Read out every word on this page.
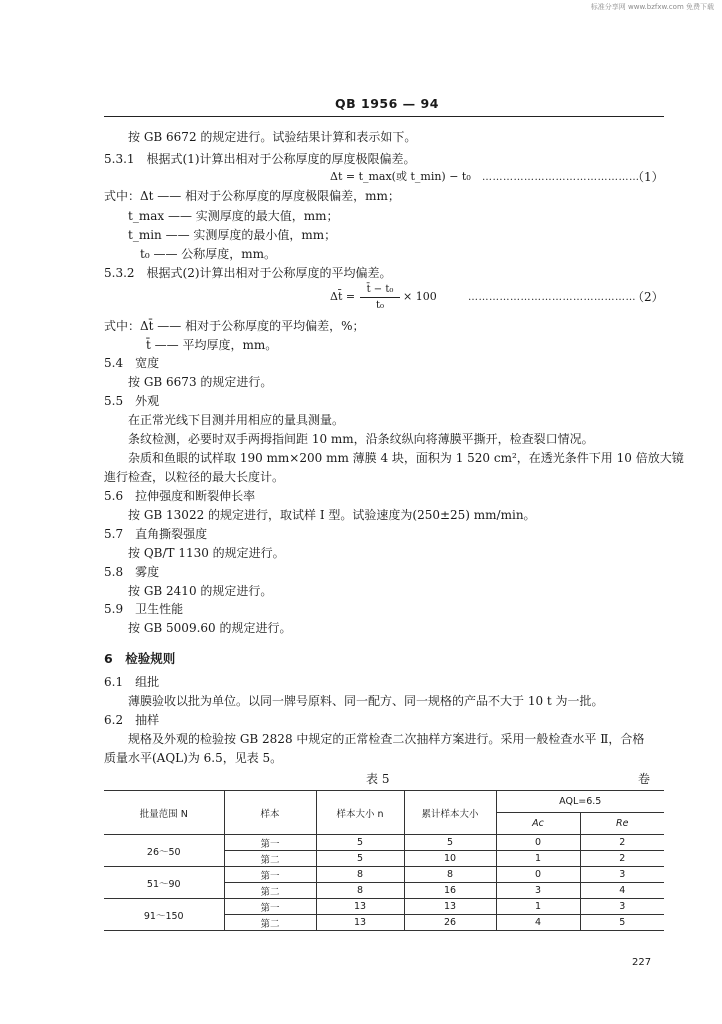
标准分享网 www.bzfxw.com 免费下载
QB 1956 — 94
按 GB 6672 的规定进行。试验结果计算和表示如下。
5.3.1　根据式(1)计算出相对于公称厚度的厚度极限偏差。
Δt = t_max(或 t_min) − t₀ ………………………………………
（1）
式中：Δt —— 相对于公称厚度的厚度极限偏差，mm；
t_max —— 实测厚度的最大值，mm；
t_min —— 实测厚度的最小值，mm；
t₀ —— 公称厚度，mm。
5.3.2　根据式(2)计算出相对于公称厚度的平均偏差。
Δt̄ =
t̄ − t₀
t₀
× 100	…………………………………………
（2）
式中：Δt̄ —— 相对于公称厚度的平均偏差，%；
t̄ —— 平均厚度，mm。
5.4　宽度
按 GB 6673 的规定进行。
5.5　外观
在正常光线下目测并用相应的量具测量。
条纹检测，必要时双手两拇指间距 10 mm，沿条纹纵向将薄膜平撕开，检查裂口情况。
杂质和鱼眼的试样取 190 mm×200 mm 薄膜 4 块，面积为 1 520 cm²，在透光条件下用 10 倍放大镜
進行检查，以粒径的最大长度计。
5.6　拉伸强度和断裂伸长率
按 GB 13022 的规定进行，取试样 I 型。试验速度为(250±25) mm/min。
5.7　直角撕裂强度
按 QB/T 1130 的规定进行。
5.8　雾度
按 GB 2410 的规定进行。
5.9　卫生性能
按 GB 5009.60 的规定进行。
6　检验规则
6.1　组批
薄膜验收以批为单位。以同一牌号原料、同一配方、同一规格的产品不大于 10 t 为一批。
6.2　抽样
规格及外观的检验按 GB 2828 中规定的正常检查二次抽样方案进行。采用一般检查水平 Ⅱ，合格
质量水平(AQL)为 6.5，见表 5。
表 5	卷
批量范围 N	样本	样本大小 n	累计样本大小	AQL=6.5	
				Ac	Re
26～50	第一	5	5	0	2
	第二	5	10	1	2
51～90	第一	8	8	0	3
	第二	8	16	3	4
91～150	第一	13	13	1	3
	第二	13	26	4	5
227
